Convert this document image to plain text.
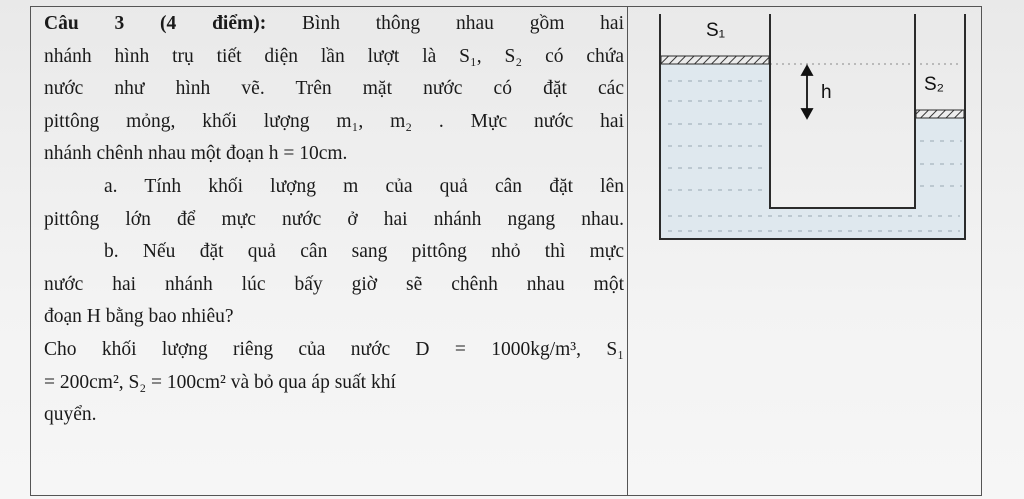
Câu 3 (4 điểm): Bình thông nhau gồm hai
nhánh hình trụ tiết diện lần lượt là S₁, S₂ có chứa
nước như hình vẽ. Trên mặt nước có đặt các
pittông mỏng, khối lượng m₁, m₂ . Mực nước hai
nhánh chênh nhau một đoạn h = 10cm.
a. Tính khối lượng m của quả cân đặt lên
pittông lớn để mực nước ở hai nhánh ngang nhau.
b. Nếu đặt quả cân sang pittông nhỏ thì mực
nước hai nhánh lúc bấy giờ sẽ chênh nhau một
đoạn H bằng bao nhiêu?
Cho khối lượng riêng của nước D = 1000kg/m³, S₁
= 200cm², S₂ = 100cm² và bỏ qua áp suất khí
quyển.
S₁
h	S₂
